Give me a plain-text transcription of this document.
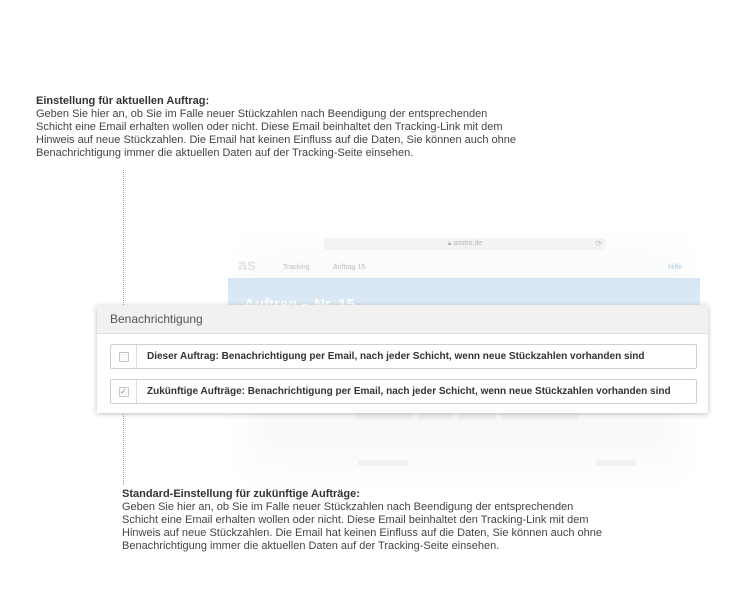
Einstellung für aktuellen Auftrag:
Geben Sie hier an, ob Sie im Falle neuer Stückzahlen nach Beendigung der entsprechenden Schicht eine Email erhalten wollen oder nicht. Diese Email beinhaltet den Tracking-Link mit dem Hinweis auf neue Stückzahlen. Die Email hat keinen Einfluss auf die Daten, Sie können auch ohne Benachrichtigung immer die aktuellen Daten auf der Tracking-Seite einsehen.
🔒︎ asstro.de	⟳
as	Tracking	Auftrag 15	Hilfe
Benachrichtigung
Dieser Auftrag: Benachrichtigung per Email, nach jeder Schicht, wenn neue Stückzahlen vorhanden sind
✓	Zukünftige Aufträge: Benachrichtigung per Email, nach jeder Schicht, wenn neue Stückzahlen vorhanden sind
Standard-Einstellung für zukünftige Aufträge:
Geben Sie hier an, ob Sie im Falle neuer Stückzahlen nach Beendigung der entsprechenden Schicht eine Email erhalten wollen oder nicht. Diese Email beinhaltet den Tracking-Link mit dem Hinweis auf neue Stückzahlen. Die Email hat keinen Einfluss auf die Daten, Sie können auch ohne Benachrichtigung immer die aktuellen Daten auf der Tracking-Seite einsehen.
